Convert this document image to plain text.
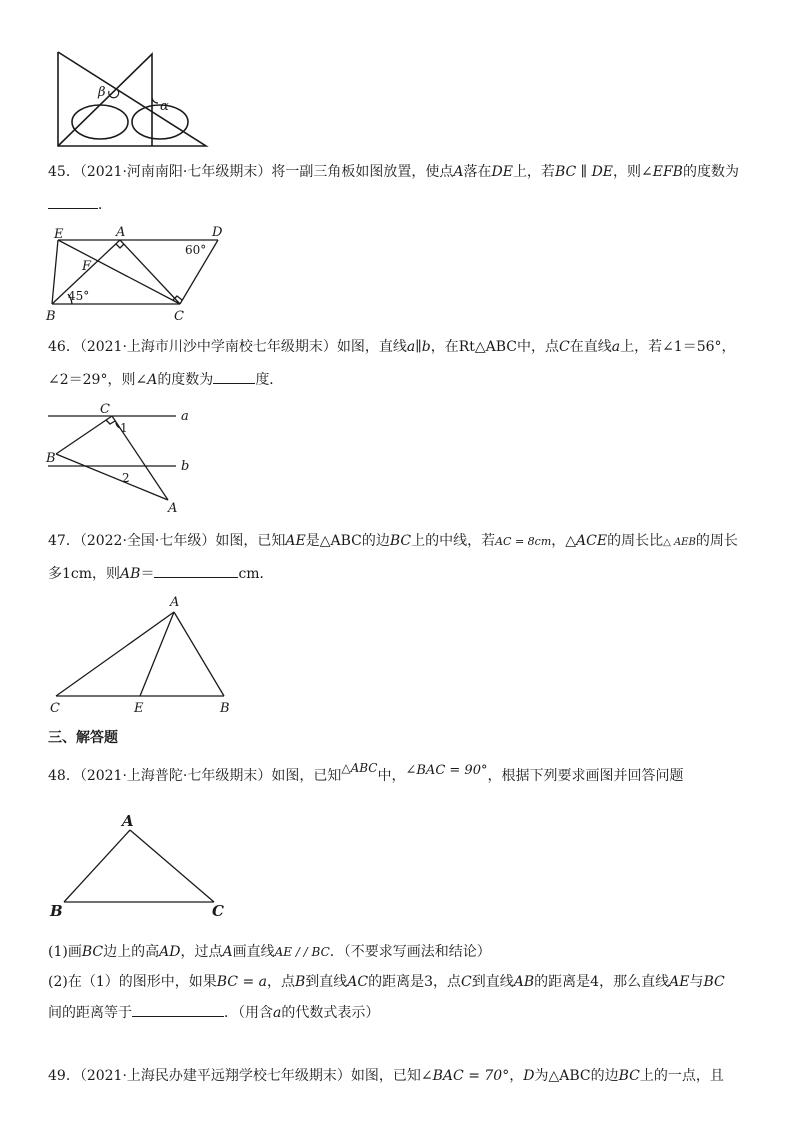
β
α
45．（2021·河南南阳·七年级期末）将一副三角板如图放置，使点A落在DE上，若BC ∥ DE，则∠EFB的度数为
．
E	A	D
60°
F
45°
B	C
46．（2021·上海市川沙中学南校七年级期末）如图，直线a∥b，在Rt△ABC中，点C在直线a上，若∠1＝56°，
∠2＝29°，则∠A的度数为	度．
C	a
1
B
b
2
A
47．（2022·全国·七年级）如图，已知AE是△ABC的边BC上的中线，若AC = 8cm，△ACE的周长比△ AEB的周长
多1cm，则AB＝	cm．
A
C	E	B
三、解答题
48．（2021·上海普陀·七年级期末）如图，已知△ABC中，∠BAC = 90°，根据下列要求画图并回答问题
A
B	C
(1)画BC边上的高AD，过点A画直线AE / / BC．（不要求写画法和结论）
(2)在（1）的图形中，如果BC = a，点B到直线AC的距离是3，点C到直线AB的距离是4，那么直线AE与BC
间的距离等于	．（用含a的代数式表示）
49．（2021·上海民办建平远翔学校七年级期末）如图，已知∠BAC = 70°，D为△ABC的边BC上的一点，且
